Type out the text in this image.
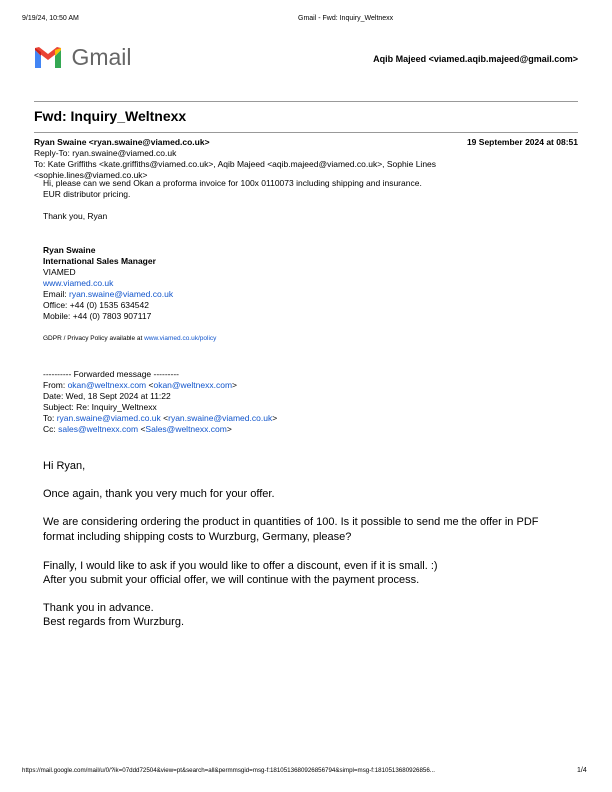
9/19/24, 10:50 AM	Gmail - Fwd: Inquiry_Weltnexx
Gmail	Aqib Majeed <viamed.aqib.majeed@gmail.com>
Fwd: Inquiry_Weltnexx
Ryan Swaine <ryan.swaine@viamed.co.uk>	19 September 2024 at 08:51
Reply-To: ryan.swaine@viamed.co.uk
To: Kate Griffiths <kate.griffiths@viamed.co.uk>, Aqib Majeed <aqib.majeed@viamed.co.uk>, Sophie Lines
<sophie.lines@viamed.co.uk>
Hi, please can we send Okan a proforma invoice for 100x 0110073 including shipping and insurance.
EUR distributor pricing.
Thank you, Ryan
Ryan Swaine
International Sales Manager
VIAMED
www.viamed.co.uk
Email: ryan.swaine@viamed.co.uk
Office: +44 (0) 1535 634542
Mobile: +44 (0) 7803 907117
GDPR / Privacy Policy available at www.viamed.co.uk/policy
---------- Forwarded message ---------
From: okan@weltnexx.com <okan@weltnexx.com>
Date: Wed, 18 Sept 2024 at 11:22
Subject: Re: Inquiry_Weltnexx
To: ryan.swaine@viamed.co.uk <ryan.swaine@viamed.co.uk>
Cc: sales@weltnexx.com <Sales@weltnexx.com>
Hi Ryan,
Once again, thank you very much for your offer.
We are considering ordering the product in quantities of 100. Is it possible to send me the offer in PDF
format including shipping costs to Wurzburg, Germany, please?
Finally, I would like to ask if you would like to offer a discount, even if it is small. :)
After you submit your official offer, we will continue with the payment process.
Thank you in advance.
Best regards from Wurzburg.
https://mail.google.com/mail/u/0/?ik=07ddd72504&view=pt&search=all&permmsgid=msg-f:1810513680926856794&simpl=msg-f:1810513680926856...	1/4
